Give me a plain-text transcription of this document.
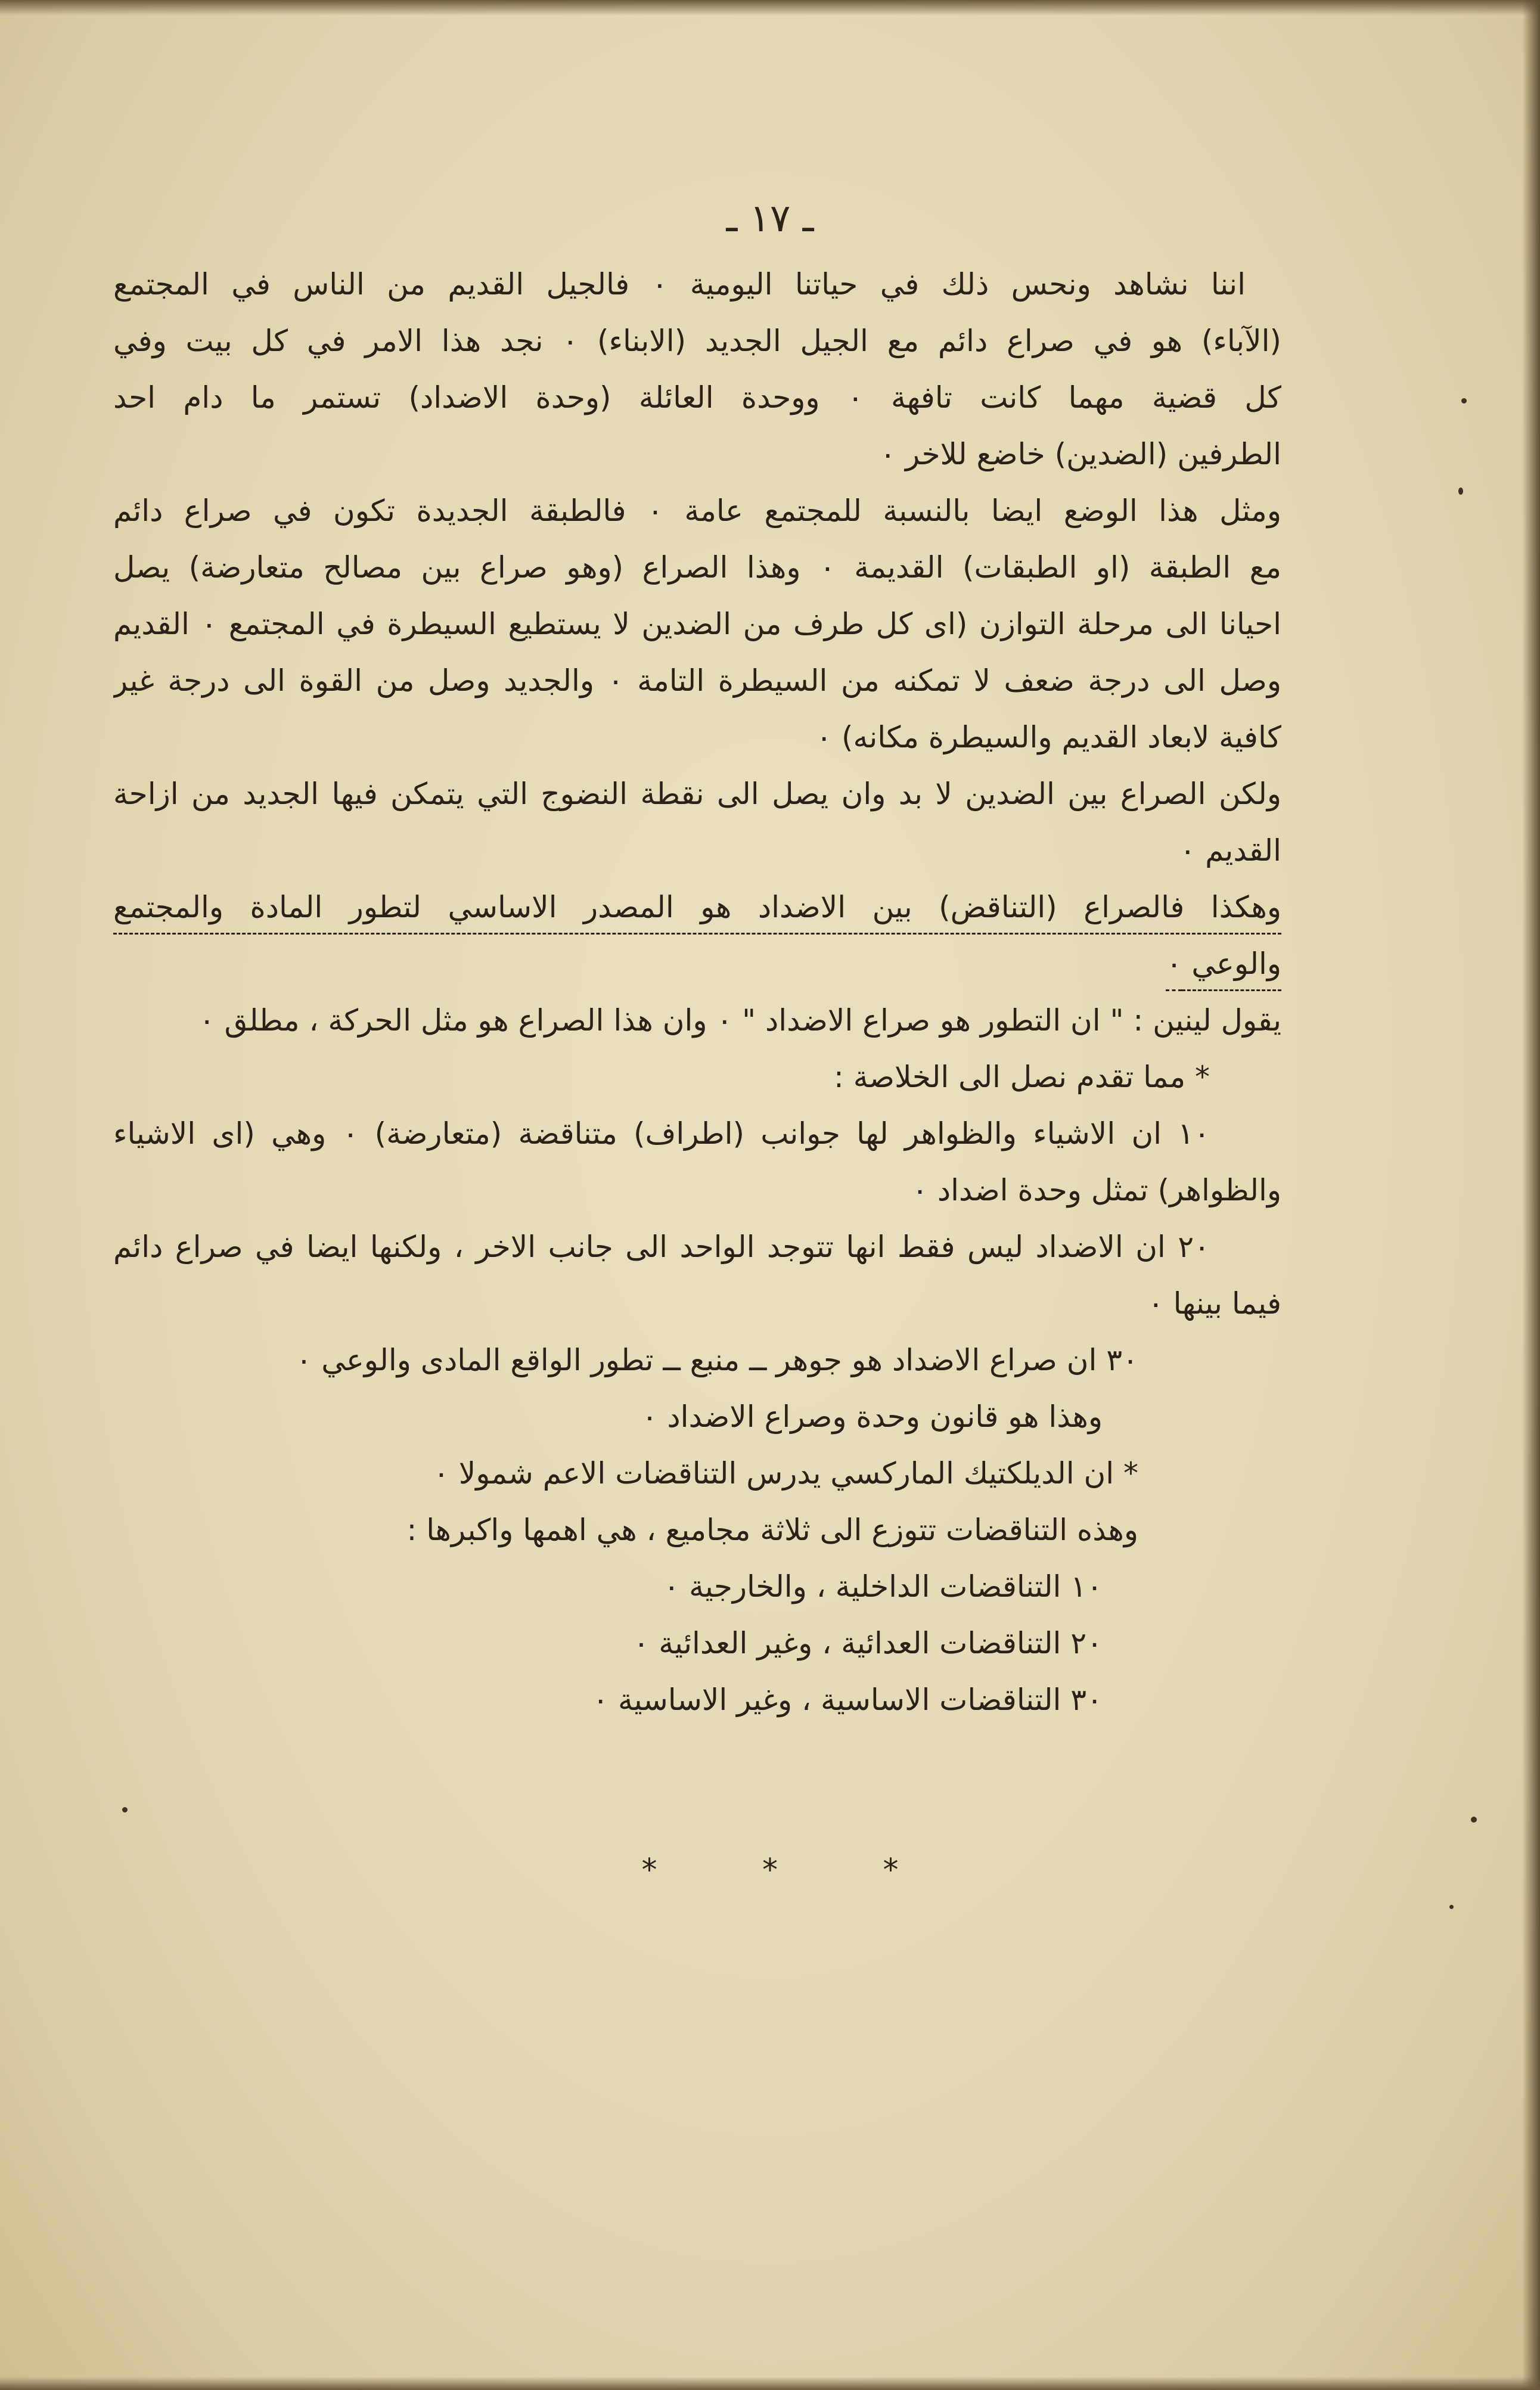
ـ ١٧ ـ
اننا نشاهد ونحس ذلك في حياتنا اليومية ٠ فالجيل القديم من الناس في المجتمع
(الآباء) هو في صراع دائم مع الجيل الجديد (الابناء) ٠ نجد هذا الامر في كل بيت وفي
كل قضية مهما كانت تافهة ٠ ووحدة العائلة (وحدة الاضداد) تستمر ما دام احد
الطرفين (الضدين) خاضع للاخر ٠
ومثل هذا الوضع ايضا بالنسبة للمجتمع عامة ٠ فالطبقة الجديدة تكون في صراع دائم
مع الطبقة (او الطبقات) القديمة ٠ وهذا الصراع (وهو صراع بين مصالح متعارضة) يصل
احيانا الى مرحلة التوازن (اى كل طرف من الضدين لا يستطيع السيطرة في المجتمع ٠ القديم
وصل الى درجة ضعف لا تمكنه من السيطرة التامة ٠ والجديد وصل من القوة الى درجة غير
كافية لابعاد القديم والسيطرة مكانه) ٠
ولكن الصراع بين الضدين لا بد وان يصل الى نقطة النضوج التي يتمكن فيها الجديد من ازاحة
القديم ٠
وهكذا فالصراع (التناقض) بين الاضداد هو المصدر الاساسي لتطور المادة والمجتمع
والوعي ٠
يقول لينين : " ان التطور هو صراع الاضداد " ٠ وان هذا الصراع هو مثل الحركة ، مطلق ٠
* مما تقدم نصل الى الخلاصة :
١٠ ان الاشياء والظواهر لها جوانب (اطراف) متناقضة (متعارضة) ٠ وهي (اى الاشياء
والظواهر) تمثل وحدة اضداد ٠
٢٠ ان الاضداد ليس فقط انها تتوجد الواحد الى جانب الاخر ، ولكنها ايضا في صراع دائم
فيما بينها ٠
٣٠ ان صراع الاضداد هو جوهر ــ منبع ــ تطور الواقع المادى والوعي ٠
وهذا هو قانون وحدة وصراع الاضداد ٠
* ان الديلكتيك الماركسي يدرس التناقضات الاعم شمولا ٠
وهذه التناقضات تتوزع الى ثلاثة مجاميع ، هي اهمها واكبرها :
١٠ التناقضات الداخلية ، والخارجية ٠
٢٠ التناقضات العدائية ، وغير العدائية ٠
٣٠ التناقضات الاساسية ، وغير الاساسية ٠
* * *
